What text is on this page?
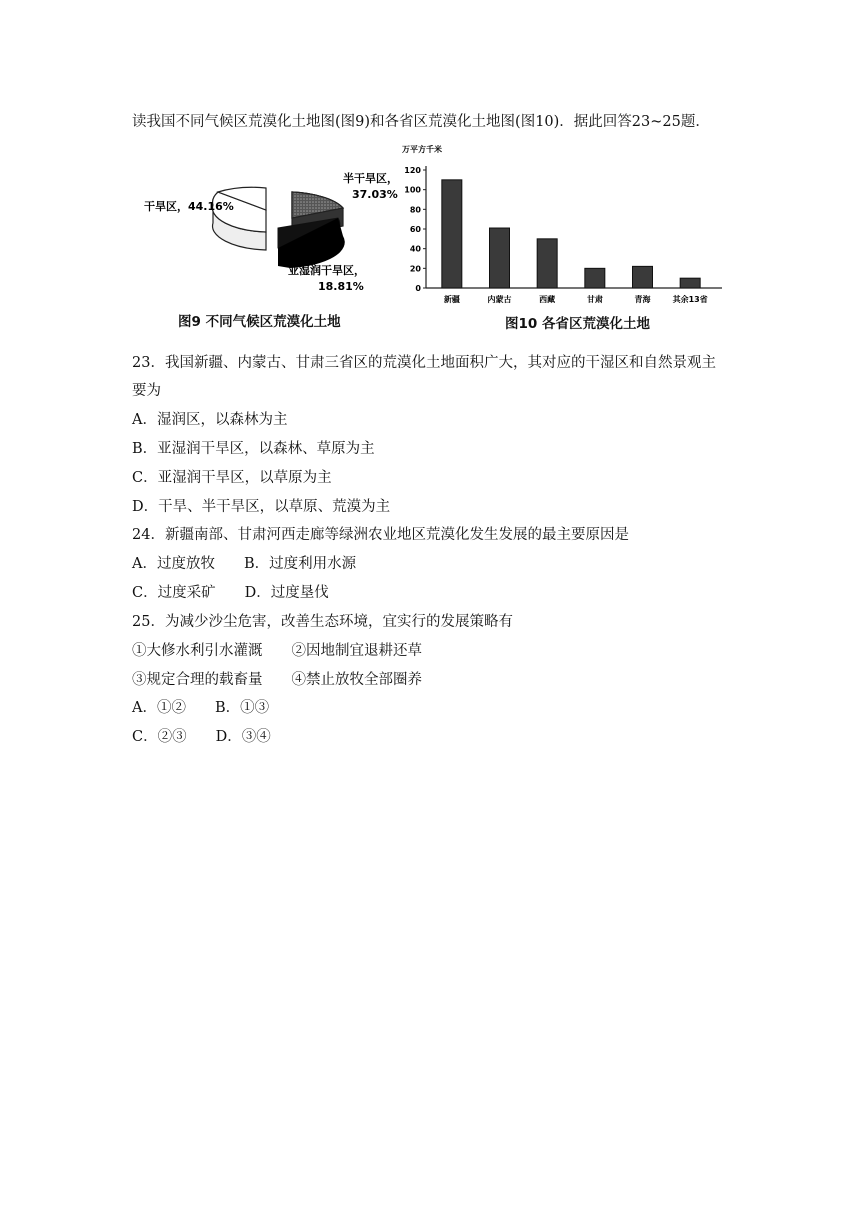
读我国不同气候区荒漠化土地图(图9)和各省区荒漠化土地图(图10)．据此回答23~25题．
干旱区，44.16%
半干旱区，
37.03%
亚湿润干旱区，
18.81%
图9 不同气候区荒漠化土地
万平方千米
0
20
40
60
80
100
120
新疆	内蒙古	西藏	甘肃	青海	其余13省
图10 各省区荒漠化土地
23．我国新疆、内蒙古、甘肃三省区的荒漠化土地面积广大，其对应的干湿区和自然景观主
要为
A．湿润区，以森林为主
B．亚湿润干旱区，以森林、草原为主
C．亚湿润干旱区，以草原为主
D．干旱、半干旱区，以草原、荒漠为主
24．新疆南部、甘肃河西走廊等绿洲农业地区荒漠化发生发展的最主要原因是
A．过度放牧　　B．过度利用水源
C．过度采矿　　D．过度垦伐
25．为减少沙尘危害，改善生态环境，宜实行的发展策略有
①大修水利引水灌溉　　②因地制宜退耕还草
③规定合理的载畜量　　④禁止放牧全部圈养
A．①②　　B．①③
C．②③　　D．③④
